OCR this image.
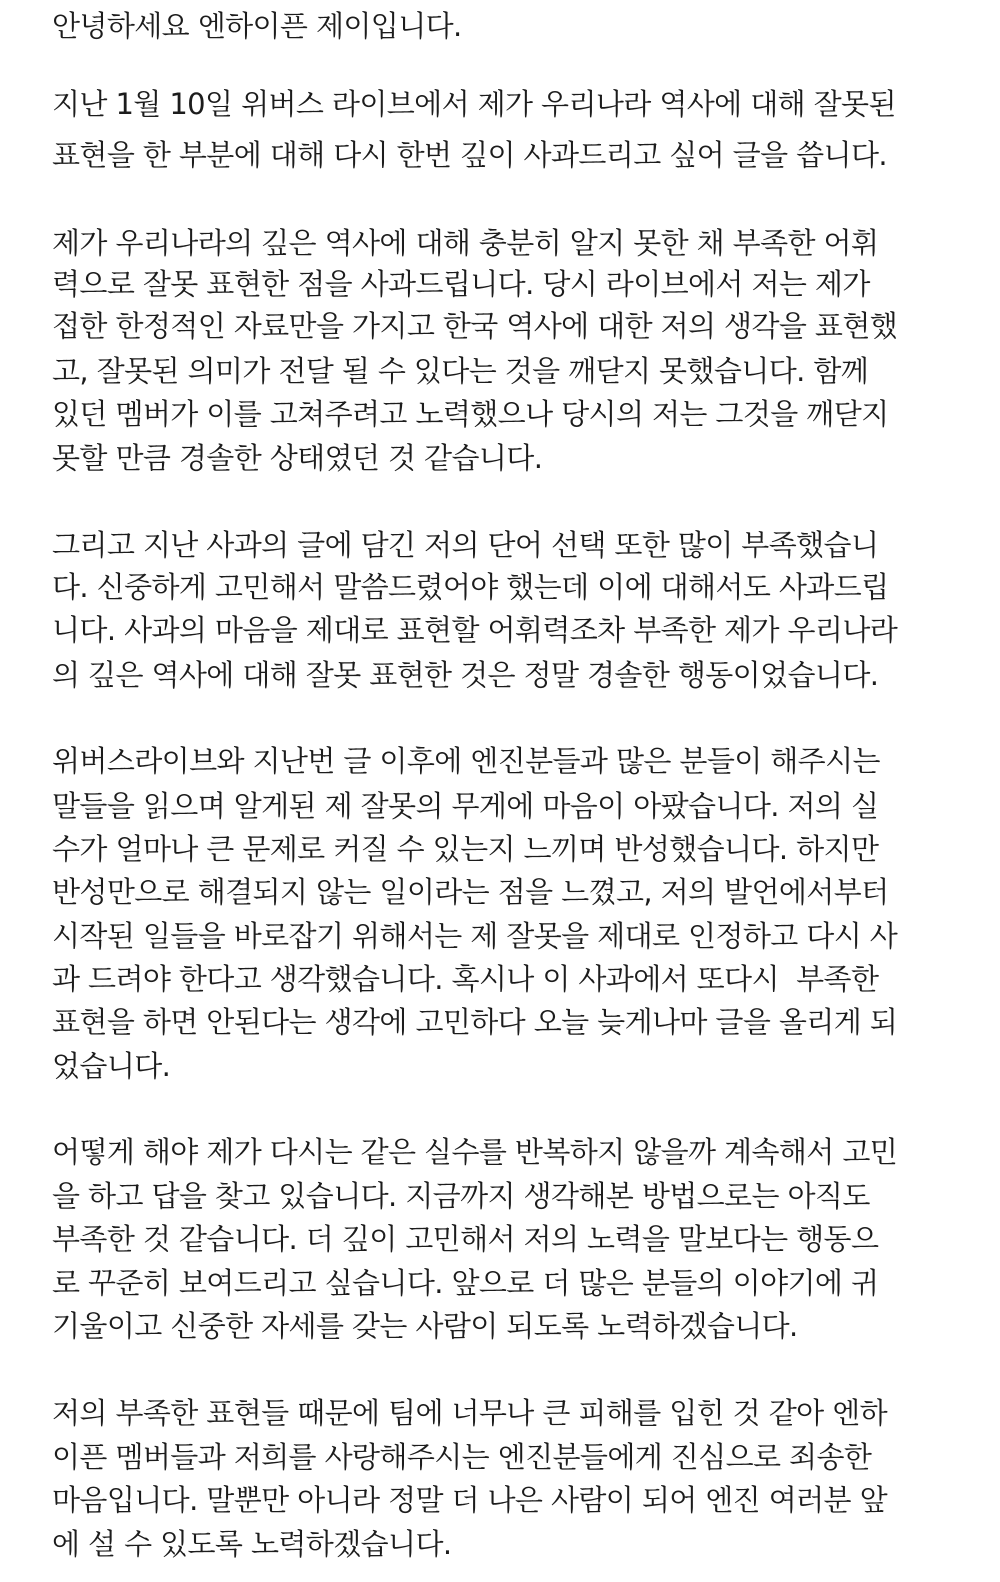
안녕하세요 엔하이픈 제이입니다.
지난 1월 10일 위버스 라이브에서 제가 우리나라 역사에 대해 잘못된
표현을 한 부분에 대해 다시 한번 깊이 사과드리고 싶어 글을 씁니다.
제가 우리나라의 깊은 역사에 대해 충분히 알지 못한 채 부족한 어휘
력으로 잘못 표현한 점을 사과드립니다. 당시 라이브에서 저는 제가
접한 한정적인 자료만을 가지고 한국 역사에 대한 저의 생각을 표현했
고, 잘못된 의미가 전달 될 수 있다는 것을 깨닫지 못했습니다. 함께
있던 멤버가 이를 고쳐주려고 노력했으나 당시의 저는 그것을 깨닫지
못할 만큼 경솔한 상태였던 것 같습니다.
그리고 지난 사과의 글에 담긴 저의 단어 선택 또한 많이 부족했습니
다. 신중하게 고민해서 말씀드렸어야 했는데 이에 대해서도 사과드립
니다. 사과의 마음을 제대로 표현할 어휘력조차 부족한 제가 우리나라
의 깊은 역사에 대해 잘못 표현한 것은 정말 경솔한 행동이었습니다.
위버스라이브와 지난번 글 이후에 엔진분들과 많은 분들이 해주시는
말들을 읽으며 알게된 제 잘못의 무게에 마음이 아팠습니다. 저의 실
수가 얼마나 큰 문제로 커질 수 있는지 느끼며 반성했습니다. 하지만
반성만으로 해결되지 않는 일이라는 점을 느꼈고, 저의 발언에서부터
시작된 일들을 바로잡기 위해서는 제 잘못을 제대로 인정하고 다시 사
과 드려야 한다고 생각했습니다. 혹시나 이 사과에서 또다시  부족한
표현을 하면 안된다는 생각에 고민하다 오늘 늦게나마 글을 올리게 되
었습니다.
어떻게 해야 제가 다시는 같은 실수를 반복하지 않을까 계속해서 고민
을 하고 답을 찾고 있습니다. 지금까지 생각해본 방법으로는 아직도
부족한 것 같습니다. 더 깊이 고민해서 저의 노력을 말보다는 행동으
로 꾸준히 보여드리고 싶습니다. 앞으로 더 많은 분들의 이야기에 귀
기울이고 신중한 자세를 갖는 사람이 되도록 노력하겠습니다.
저의 부족한 표현들 때문에 팀에 너무나 큰 피해를 입힌 것 같아 엔하
이픈 멤버들과 저희를 사랑해주시는 엔진분들에게 진심으로 죄송한
마음입니다. 말뿐만 아니라 정말 더 나은 사람이 되어 엔진 여러분 앞
에 설 수 있도록 노력하겠습니다.
